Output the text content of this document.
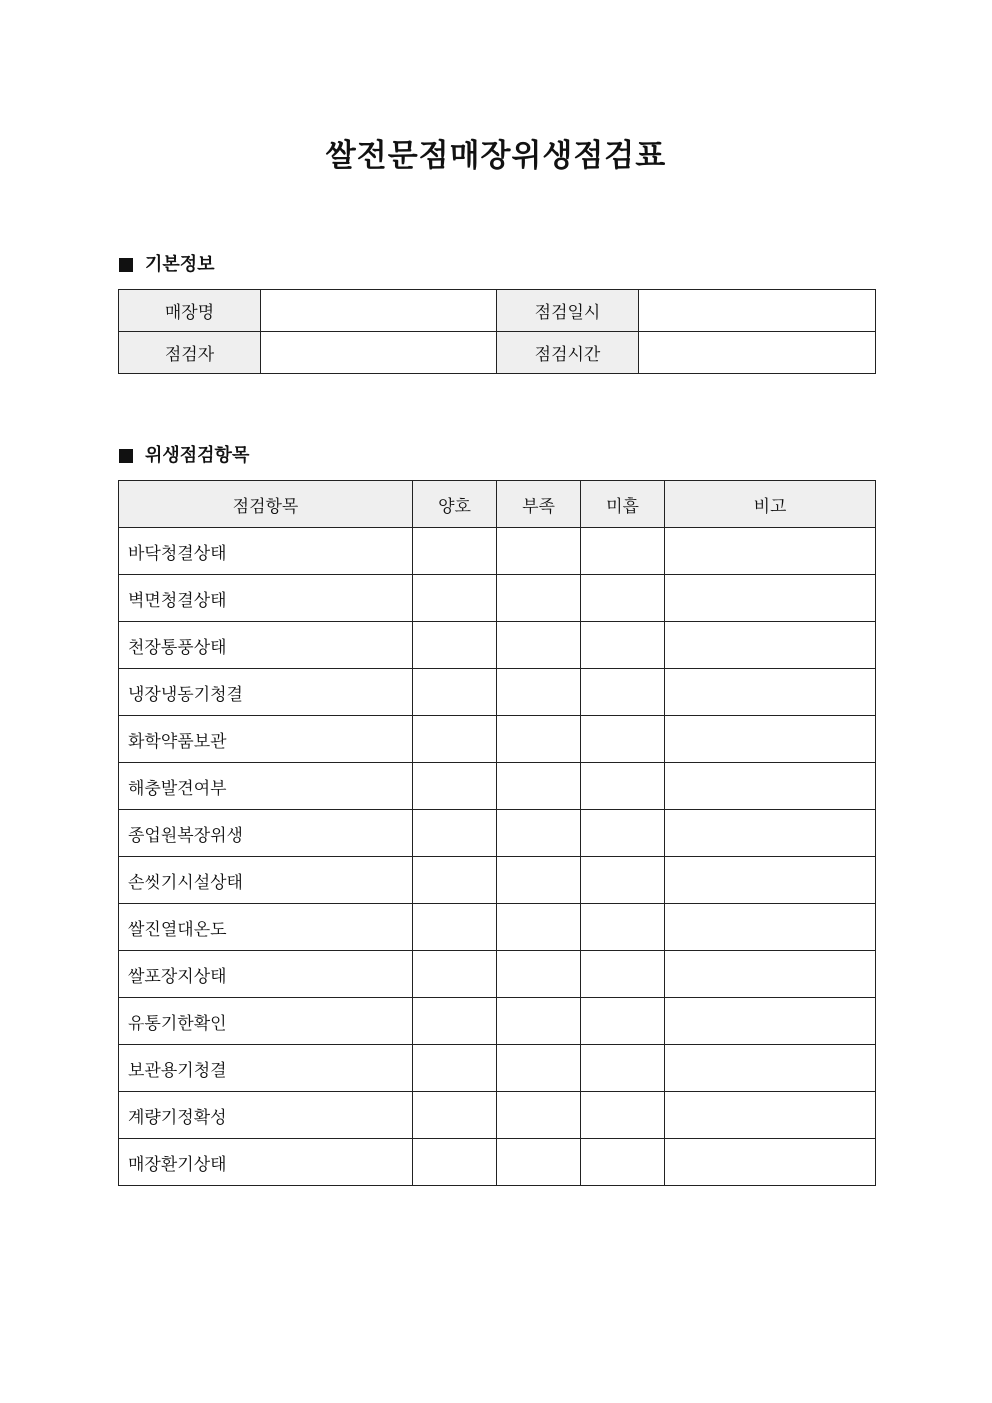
쌀전문점매장위생점검표
기본정보
매장명		점검일시	
점검자		점검시간	
위생점검항목
점검항목	양호	부족	미흡	비고
바닥청결상태				
벽면청결상태				
천장통풍상태				
냉장냉동기청결				
화학약품보관				
해충발견여부				
종업원복장위생				
손씻기시설상태				
쌀진열대온도				
쌀포장지상태				
유통기한확인				
보관용기청결				
계량기정확성				
매장환기상태				
